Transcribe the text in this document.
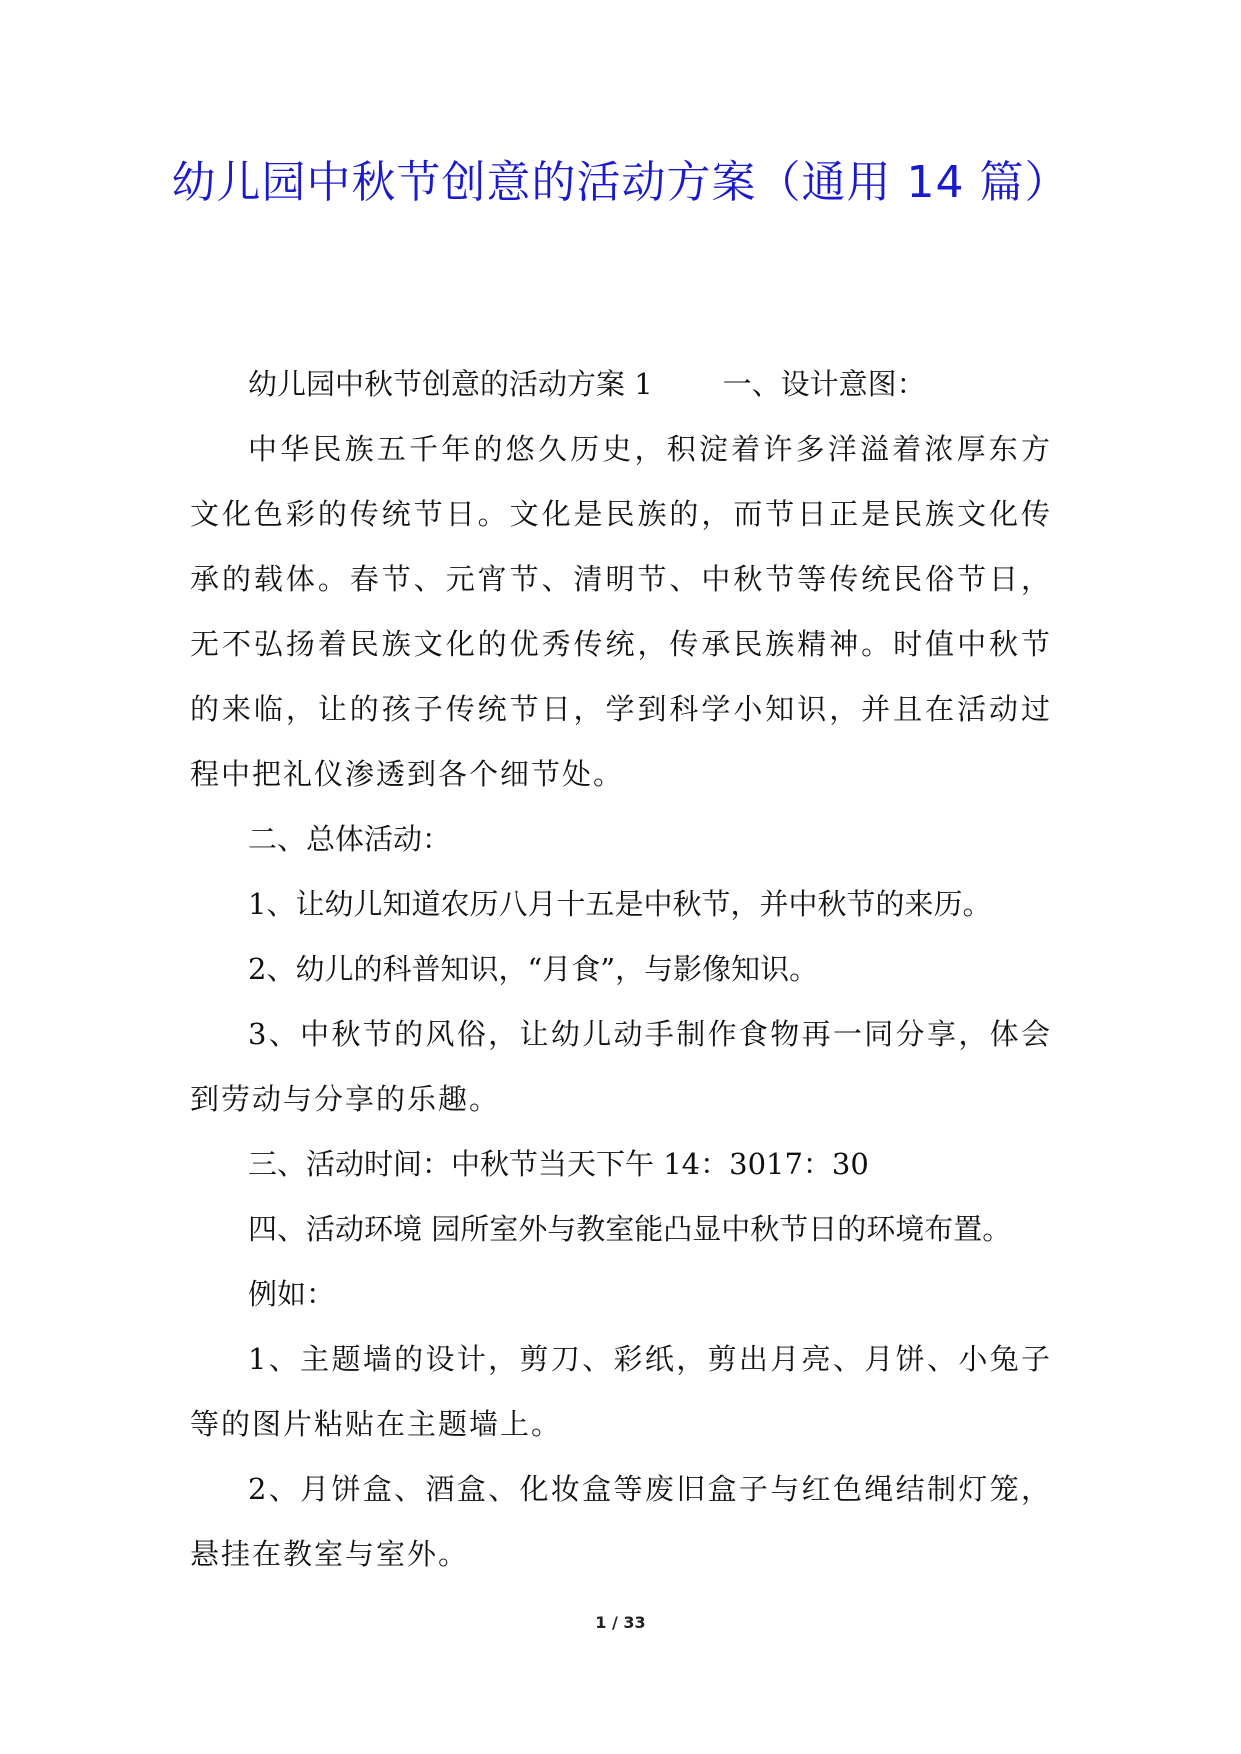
幼儿园中秋节创意的活动方案（通用 14 篇）

幼儿园中秋节创意的活动方案 1 一、设计意图：

中华民族五千年的悠久历史，积淀着许多洋溢着浓厚东方文化色彩的传统节日。文化是民族的，而节日正是民族文化传承的载体。春节、元宵节、清明节、中秋节等传统民俗节日，无不弘扬着民族文化的优秀传统，传承民族精神。时值中秋节的来临，让的孩子传统节日，学到科学小知识，并且在活动过程中把礼仪渗透到各个细节处。

二、总体活动：

1、让幼儿知道农历八月十五是中秋节，并中秋节的来历。

2、幼儿的科普知识，“月食”，与影像知识。

3、中秋节的风俗，让幼儿动手制作食物再一同分享，体会到劳动与分享的乐趣。

三、活动时间：中秋节当天下午 14：3017：30

四、活动环境 园所室外与教室能凸显中秋节日的环境布置。

例如：

1、主题墙的设计，剪刀、彩纸，剪出月亮、月饼、小兔子等的图片粘贴在主题墙上。

2、月饼盒、酒盒、化妆盒等废旧盒子与红色绳结制灯笼，悬挂在教室与室外。

1 / 33
